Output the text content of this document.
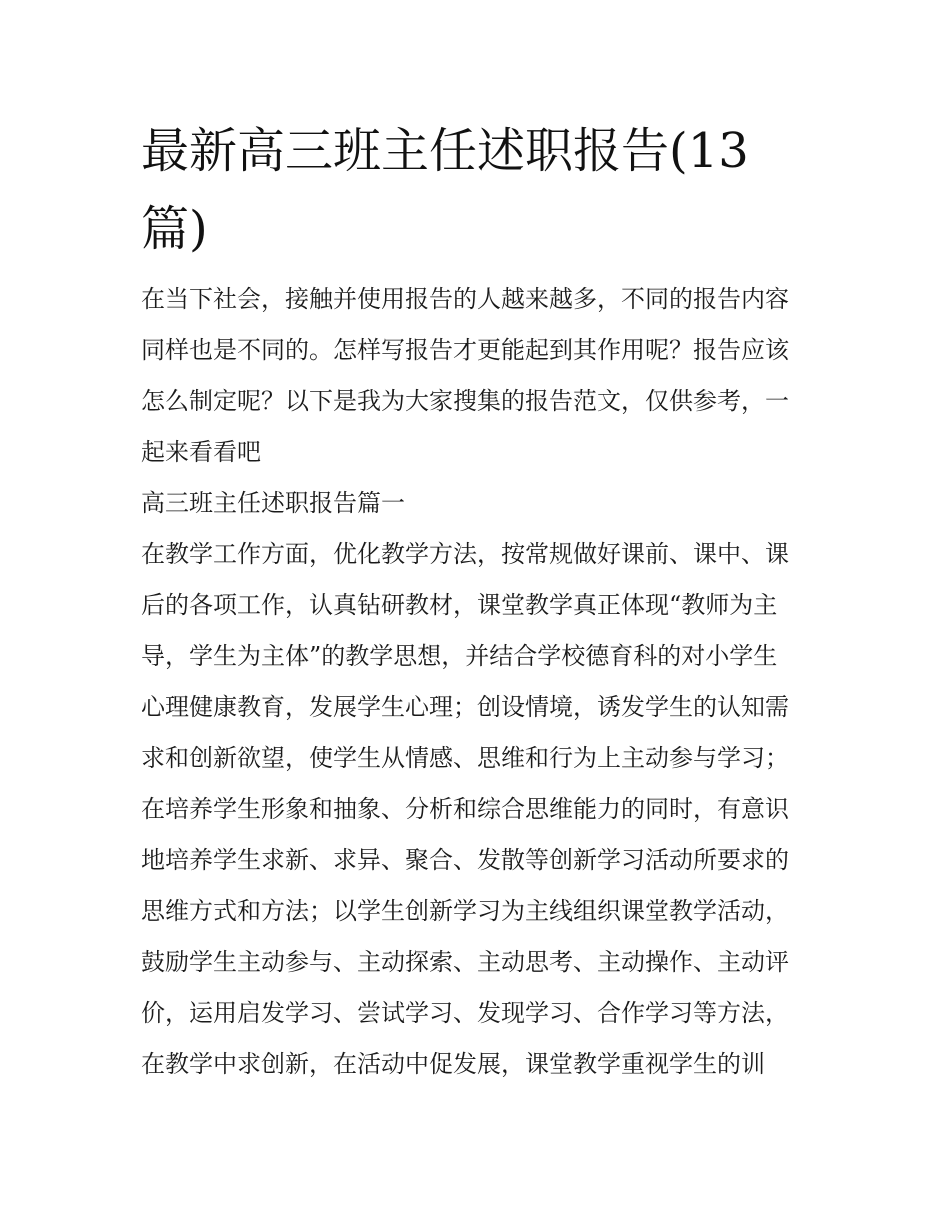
最新高三班主任述职报告(13
篇)
在当下社会，接触并使用报告的人越来越多，不同的报告内容
同样也是不同的。怎样写报告才更能起到其作用呢？报告应该
怎么制定呢？以下是我为大家搜集的报告范文，仅供参考，一
起来看看吧
高三班主任述职报告篇一
在教学工作方面，优化教学方法，按常规做好课前、课中、课
后的各项工作，认真钻研教材，课堂教学真正体现“教师为主
导，学生为主体”的教学思想，并结合学校德育科的对小学生
心理健康教育，发展学生心理；创设情境，诱发学生的认知需
求和创新欲望，使学生从情感、思维和行为上主动参与学习；
在培养学生形象和抽象、分析和综合思维能力的同时，有意识
地培养学生求新、求异、聚合、发散等创新学习活动所要求的
思维方式和方法；以学生创新学习为主线组织课堂教学活动，
鼓励学生主动参与、主动探索、主动思考、主动操作、主动评
价，运用启发学习、尝试学习、发现学习、合作学习等方法，
在教学中求创新，在活动中促发展，课堂教学重视学生的训
